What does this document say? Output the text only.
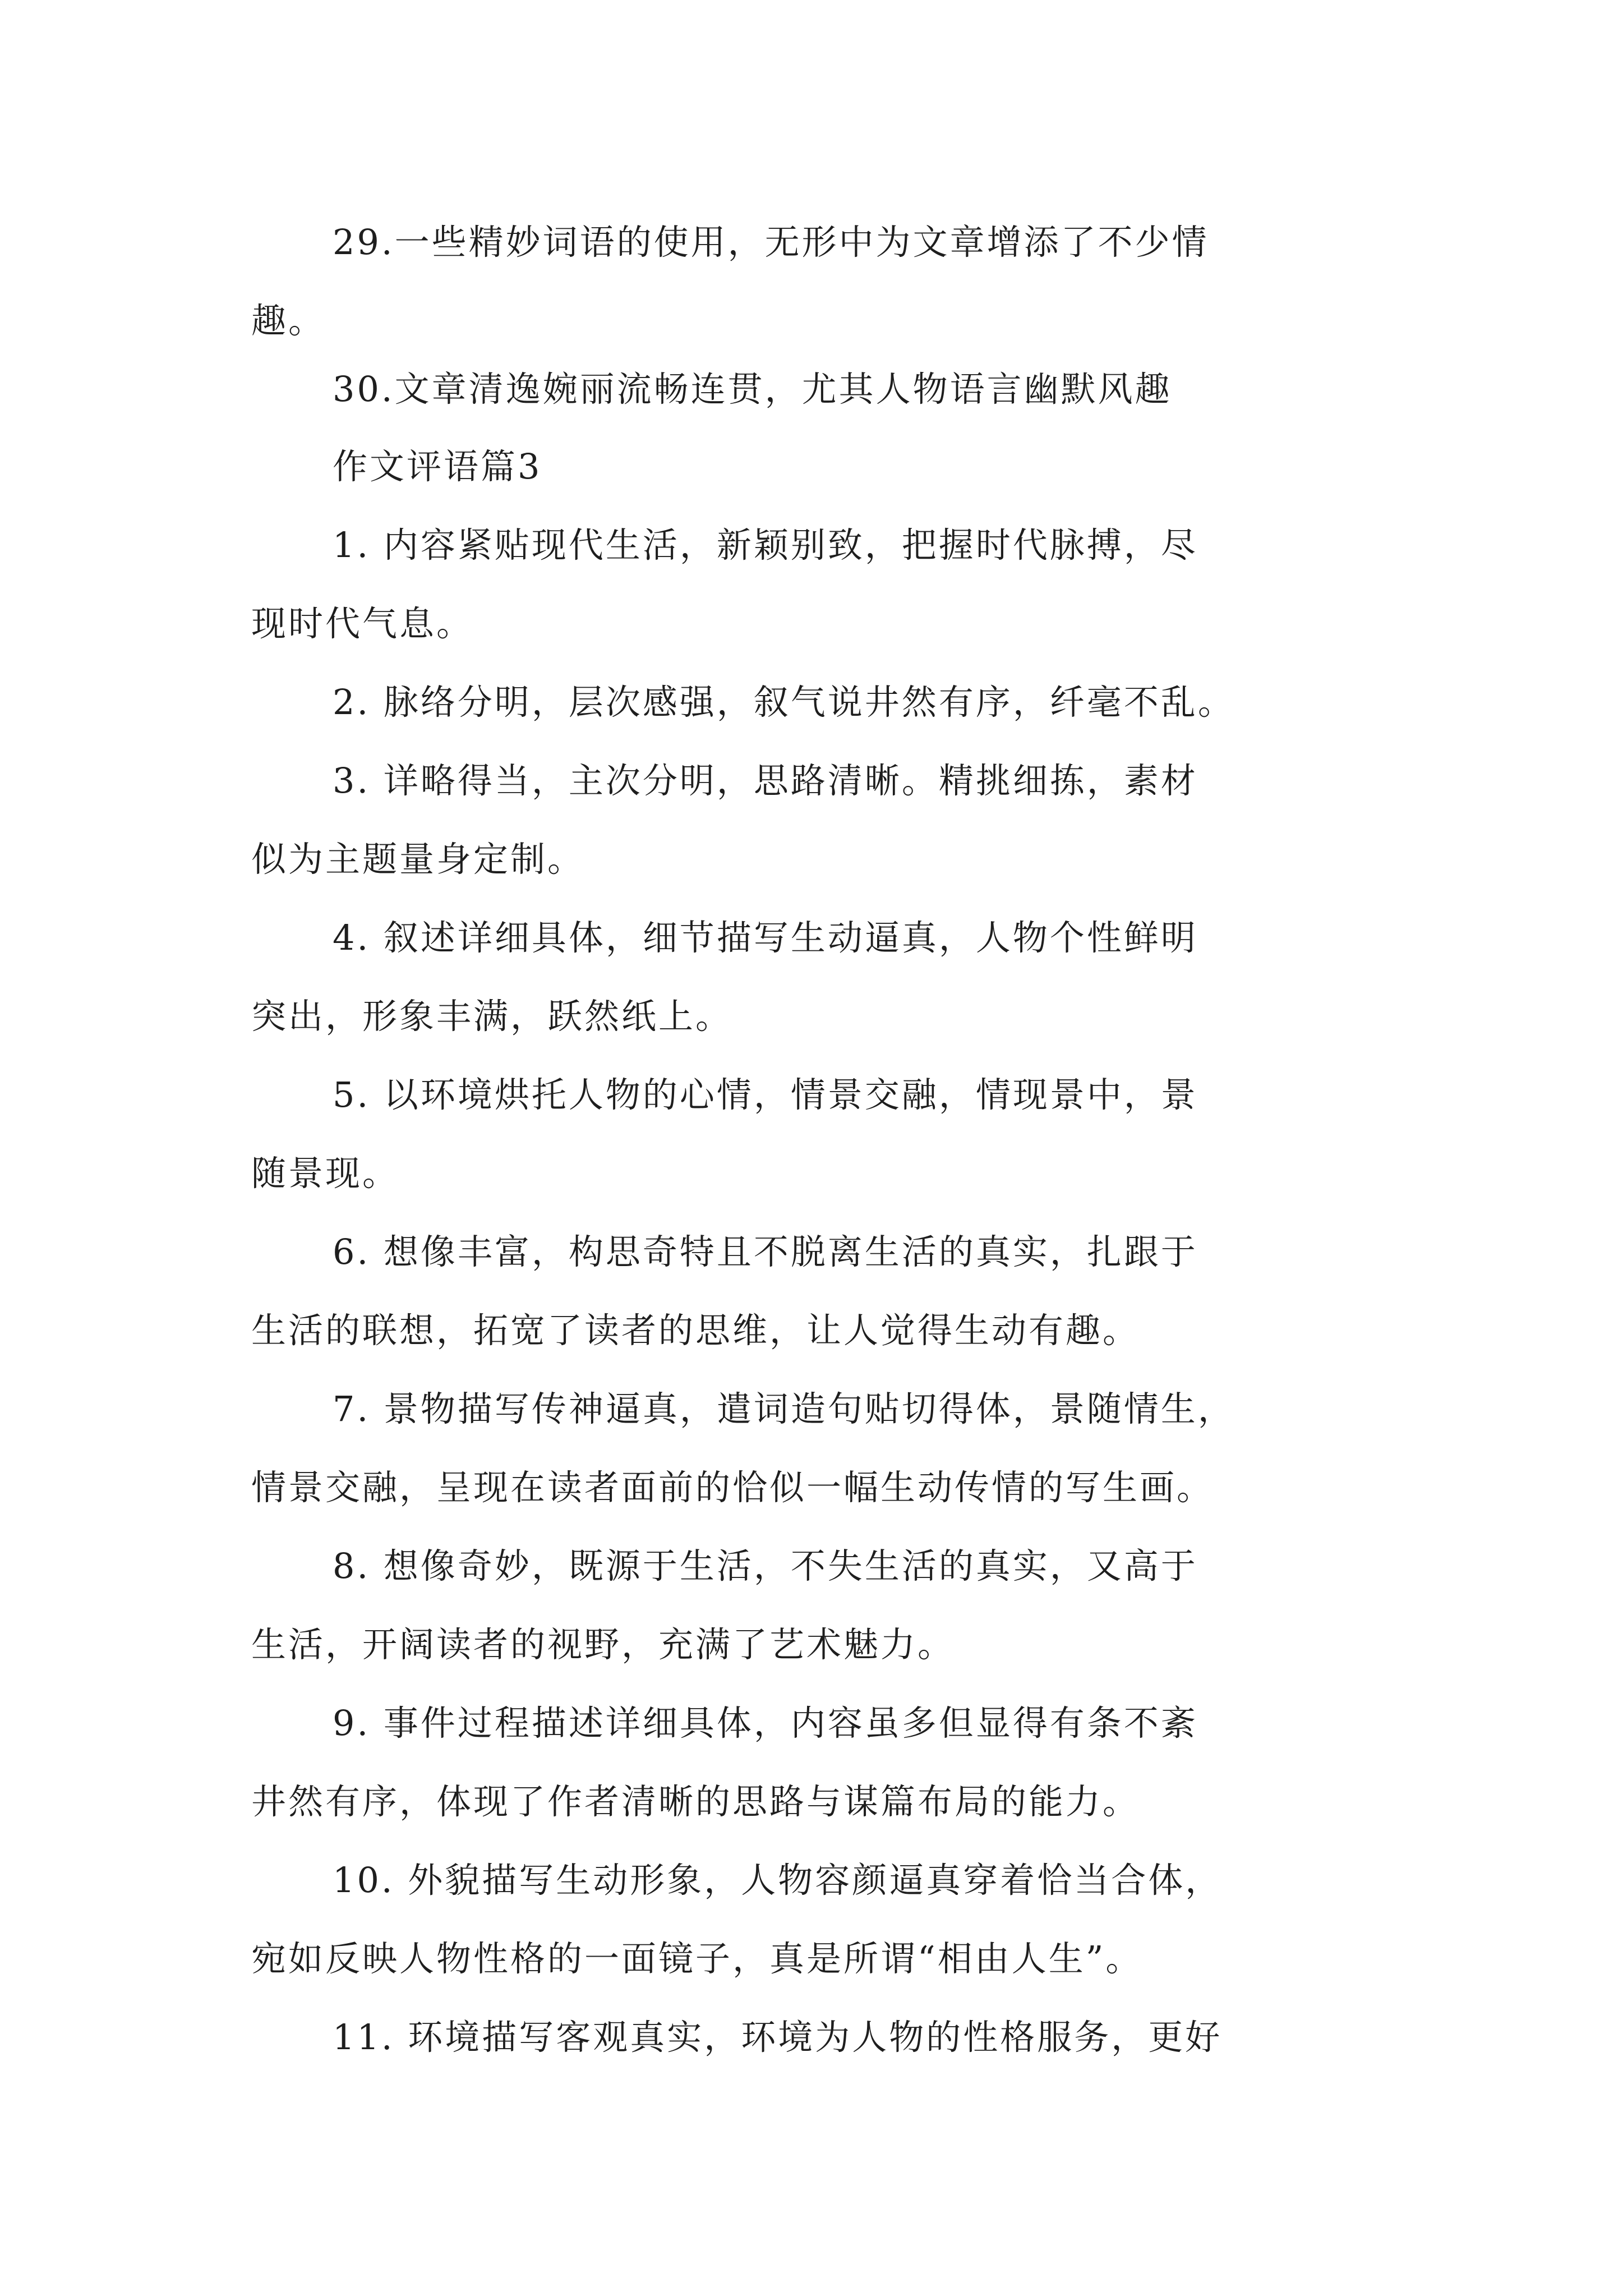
29.一些精妙词语的使用，无形中为文章增添了不少情
趣。
30.文章清逸婉丽流畅连贯，尤其人物语言幽默风趣
作文评语篇3
1. 内容紧贴现代生活，新颖别致，把握时代脉搏，尽
现时代气息。
2. 脉络分明，层次感强，叙气说井然有序，纤毫不乱。
3. 详略得当，主次分明，思路清晰。精挑细拣，素材
似为主题量身定制。
4. 叙述详细具体，细节描写生动逼真，人物个性鲜明
突出，形象丰满，跃然纸上。
5. 以环境烘托人物的心情，情景交融，情现景中，景
随景现。
6. 想像丰富，构思奇特且不脱离生活的真实，扎跟于
生活的联想，拓宽了读者的思维，让人觉得生动有趣。
7. 景物描写传神逼真，遣词造句贴切得体，景随情生，
情景交融，呈现在读者面前的恰似一幅生动传情的写生画。
8. 想像奇妙，既源于生活，不失生活的真实，又高于
生活，开阔读者的视野，充满了艺术魅力。
9. 事件过程描述详细具体，内容虽多但显得有条不紊
井然有序，体现了作者清晰的思路与谋篇布局的能力。
10. 外貌描写生动形象，人物容颜逼真穿着恰当合体，
宛如反映人物性格的一面镜子，真是所谓“相由人生”。
11. 环境描写客观真实，环境为人物的性格服务，更好
